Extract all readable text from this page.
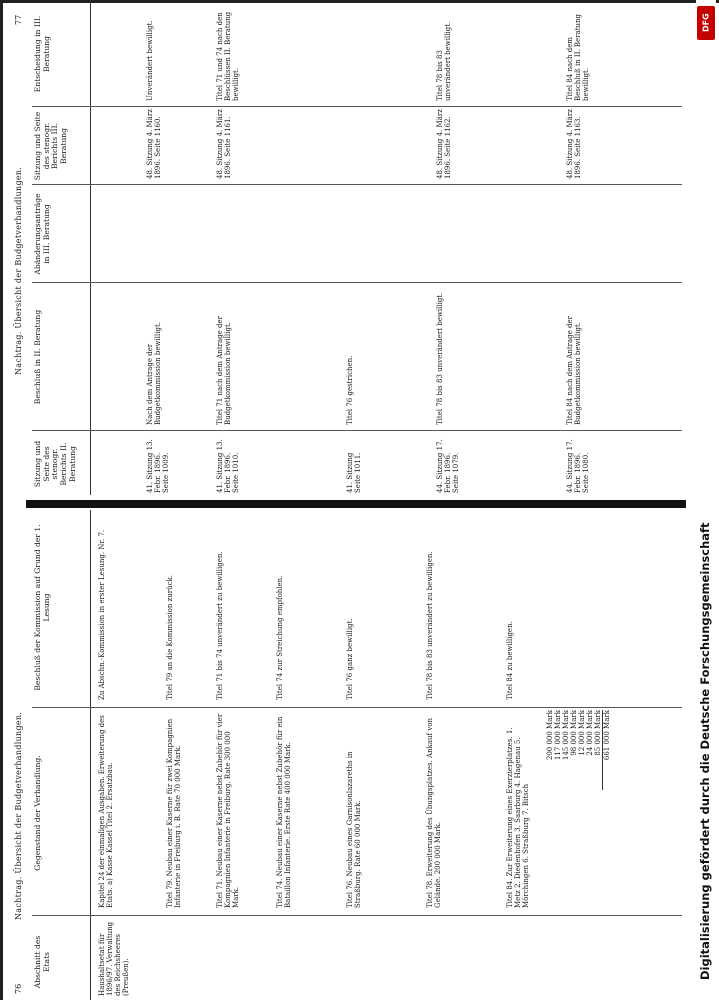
76
Nachtrag. Übersicht der Budgetverhandlungen.
Abschnitt des Etats
Gegenstand der Verhandlung.
Beschluß der Kommission auf Grund der 1. Lesung
Haushaltsetat für 1896/97. Verwaltung des Reichsheeres (Preußen).
Kapitel 24 der einmaligen Ausgaben. Erweiterung des Etats. a) Kasse Kassel Titel 2. Ersatzbau.
Zu Abschn.-Kommission in erster Lesung. Nr. 7.
Titel 79. Neubau einer Kaserne für zwei Kompagnien Infanterie in Freiburg i. B. Rate 70 000 Mark.
Titel 79 an die Kommission zurück.
Titel 71. Neubau einer Kaserne nebst Zubehör für vier Kompagnien Infanterie in Freiburg. Rate 300 000 Mark.
Titel 71 bis 74 unverändert zu bewilligen.
Titel 74. Neubau einer Kaserne nebst Zubehör für ein Bataillon Infanterie. Erste Rate 400 000 Mark.
Titel 74 zur Streichung empfohlen.
Titel 76. Neubau eines Garnisonlazareths in Straßburg. Rate 60 000 Mark.
Titel 76 ganz bewilligt.
Titel 78. Erweiterung des Übungsplatzes. Ankauf von Gelände. 200 000 Mark.
Titel 78 bis 83 unverändert zu bewilligen.
Titel 84. Zur Erweiterung eines Exerzierplatzes. 1. Metz 2. Diedenhofen 3. Saarburg 4. Hagenau 5. Mörchingen 6. Straßburg 7. Bitsch
Titel 84 zu bewilligen.
200 000 Mark 117 000 Mark 145 000 Mark 98 000 Mark 12 000 Mark 24 000 Mark 85 000 Mark 661 000 Mark
Nachtrag. Übersicht der Budgetverhandlungen.
77
Sitzung und Seite des stenogr. Berichts II. Beratung
Beschluß in II. Beratung
Abänderungsanträge in III. Beratung
Sitzung und Seite des stenogr. Berichts III. Beratung
Entscheidung in III. Beratung
41. Sitzung 13. Febr. 1896. Seite 1009.
Nach dem Antrage der Budgetkommission bewilligt.
48. Sitzung 4. März 1896. Seite 1160.
Unverändert bewilligt.
41. Sitzung 13. Febr. 1896. Seite 1010.
Titel 71 nach dem Antrage der Budgetkommission bewilligt.
48. Sitzung 4. März 1896. Seite 1161.
Titel 71 und 74 nach den Beschlüssen II. Beratung bewilligt.
41. Sitzung Seite 1011.
Titel 76 gestrichen.
44. Sitzung 17. Febr. 1896. Seite 1079.
Titel 78 bis 83 unverändert bewilligt.
48. Sitzung 4. März 1896. Seite 1162.
Titel 78 bis 83 unverändert bewilligt.
44. Sitzung 17. Febr. 1896. Seite 1080.
Titel 84 nach dem Antrage der Budgetkommission bewilligt.
48. Sitzung 4. März 1896. Seite 1163.
Titel 84 nach dem Beschluß in II. Beratung bewilligt.
DFG
Digitalisierung gefördert durch die Deutsche Forschungsgemeinschaft
